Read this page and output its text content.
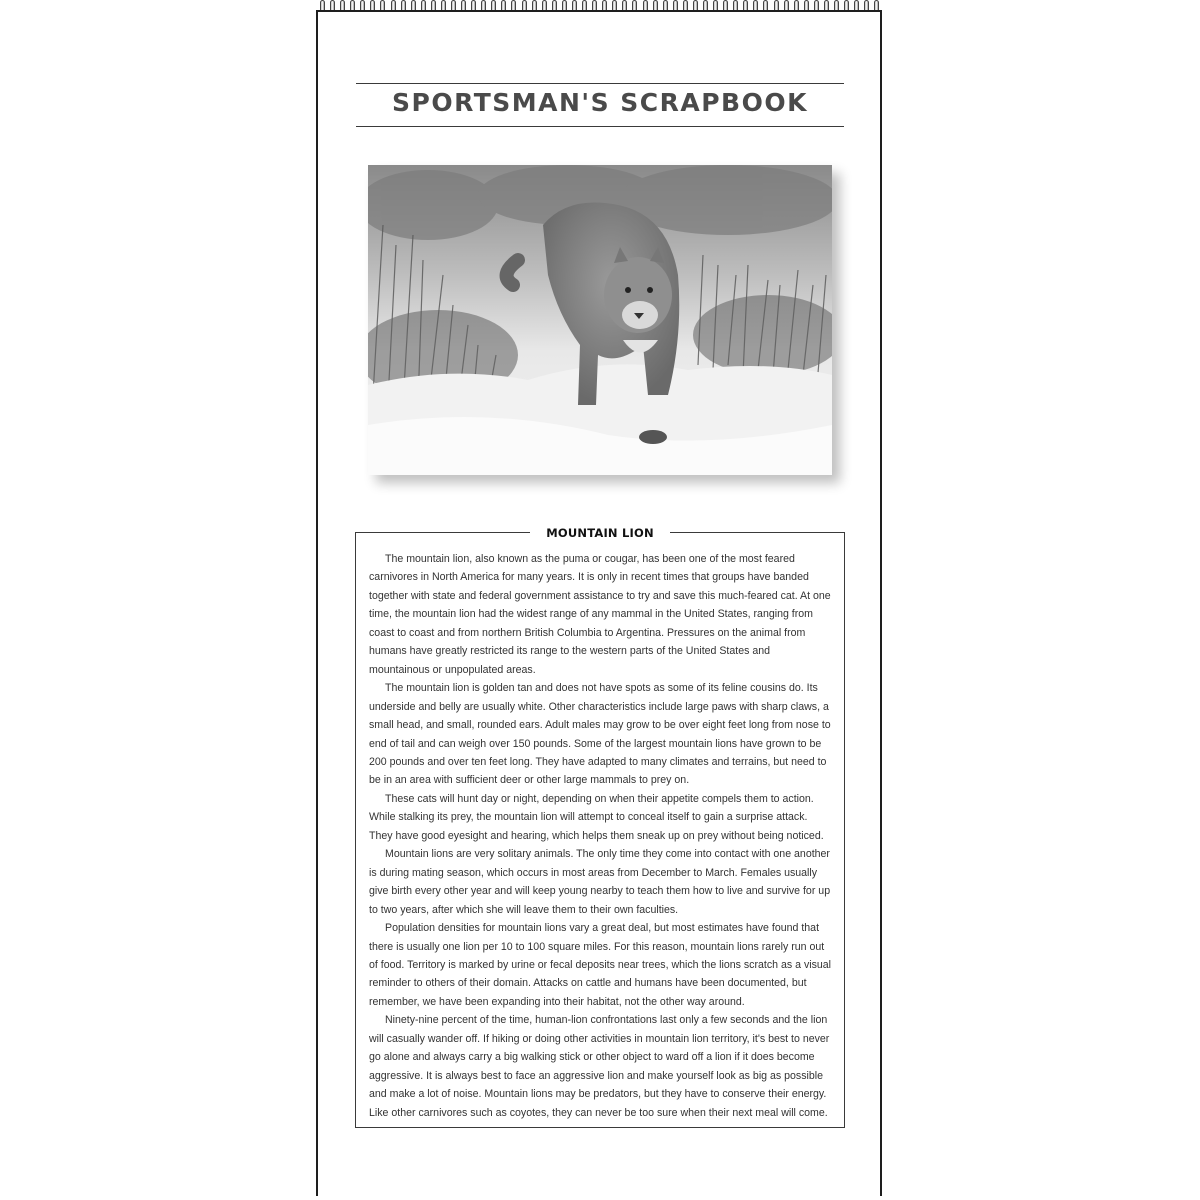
SPORTSMAN'S SCRAPBOOK
MOUNTAIN LION

The mountain lion, also known as the puma or cougar, has been one of the most feared carnivores in North America for many years. It is only in recent times that groups have banded together with state and federal government assistance to try and save this much-feared cat. At one time, the mountain lion had the widest range of any mammal in the United States, ranging from coast to coast and from northern British Columbia to Argentina. Pressures on the animal from humans have greatly restricted its range to the western parts of the United States and mountainous or unpopulated areas.

The mountain lion is golden tan and does not have spots as some of its feline cousins do. Its underside and belly are usually white. Other characteristics include large paws with sharp claws, a small head, and small, rounded ears. Adult males may grow to be over eight feet long from nose to end of tail and can weigh over 150 pounds. Some of the largest mountain lions have grown to be 200 pounds and over ten feet long. They have adapted to many climates and terrains, but need to be in an area with sufficient deer or other large mammals to prey on.

These cats will hunt day or night, depending on when their appetite compels them to action. While stalking its prey, the mountain lion will attempt to conceal itself to gain a surprise attack. They have good eyesight and hearing, which helps them sneak up on prey without being noticed.

Mountain lions are very solitary animals. The only time they come into contact with one another is during mating season, which occurs in most areas from December to March. Females usually give birth every other year and will keep young nearby to teach them how to live and survive for up to two years, after which she will leave them to their own faculties.

Population densities for mountain lions vary a great deal, but most estimates have found that there is usually one lion per 10 to 100 square miles. For this reason, mountain lions rarely run out of food. Territory is marked by urine or fecal deposits near trees, which the lions scratch as a visual reminder to others of their domain. Attacks on cattle and humans have been documented, but remember, we have been expanding into their habitat, not the other way around.

Ninety-nine percent of the time, human-lion confrontations last only a few seconds and the lion will casually wander off. If hiking or doing other activities in mountain lion territory, it's best to never go alone and always carry a big walking stick or other object to ward off a lion if it does become aggressive. It is always best to face an aggressive lion and make yourself look as big as possible and make a lot of noise. Mountain lions may be predators, but they have to conserve their energy. Like other carnivores such as coyotes, they can never be too sure when their next meal will come.
